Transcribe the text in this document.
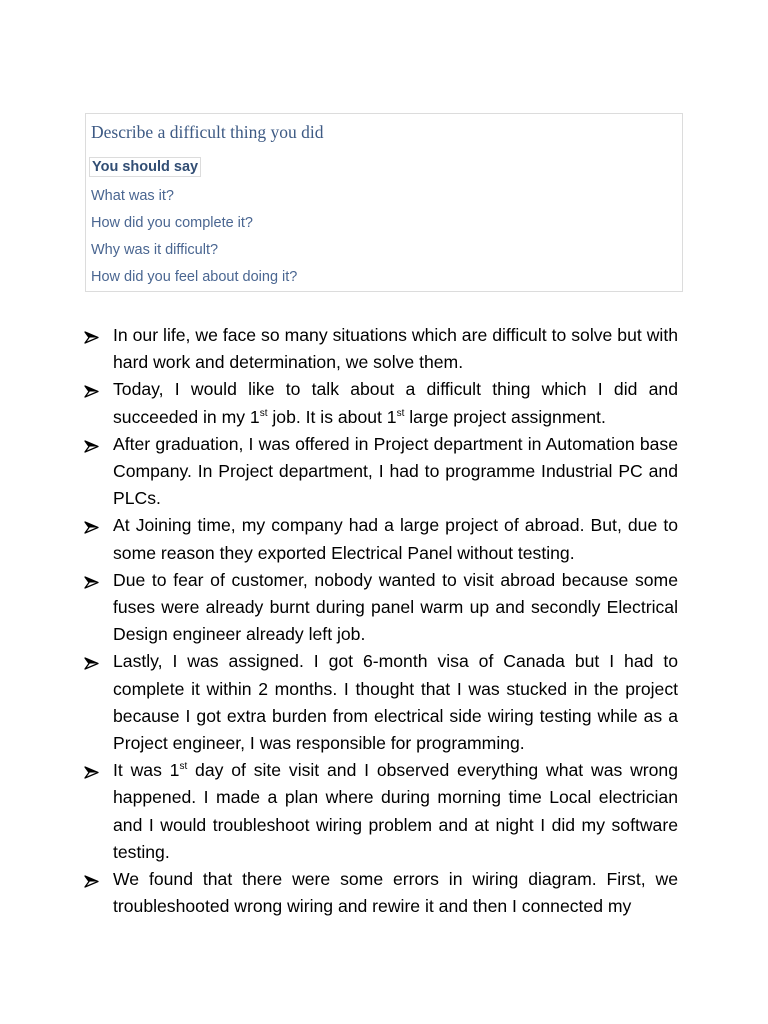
Describe a difficult thing you did
You should say
What was it?
How did you complete it?
Why was it difficult?
How did you feel about doing it?
In our life, we face so many situations which are difficult to solve but with hard work and determination, we solve them.
Today, I would like to talk about a difficult thing which I did and succeeded in my 1st job. It is about 1st large project assignment.
After graduation, I was offered in Project department in Automation base Company. In Project department, I had to programme Industrial PC and PLCs.
At Joining time, my company had a large project of abroad. But, due to some reason they exported Electrical Panel without testing.
Due to fear of customer, nobody wanted to visit abroad because some fuses were already burnt during panel warm up and secondly Electrical Design engineer already left job.
Lastly, I was assigned. I got 6-month visa of Canada but I had to complete it within 2 months. I thought that I was stucked in the project because I got extra burden from electrical side wiring testing while as a Project engineer, I was responsible for programming.
It was 1st day of site visit and I observed everything what was wrong happened. I made a plan where during morning time Local electrician and I would troubleshoot wiring problem and at night I did my software testing.
We found that there were some errors in wiring diagram. First, we troubleshooted wrong wiring and rewire it and then I connected my
